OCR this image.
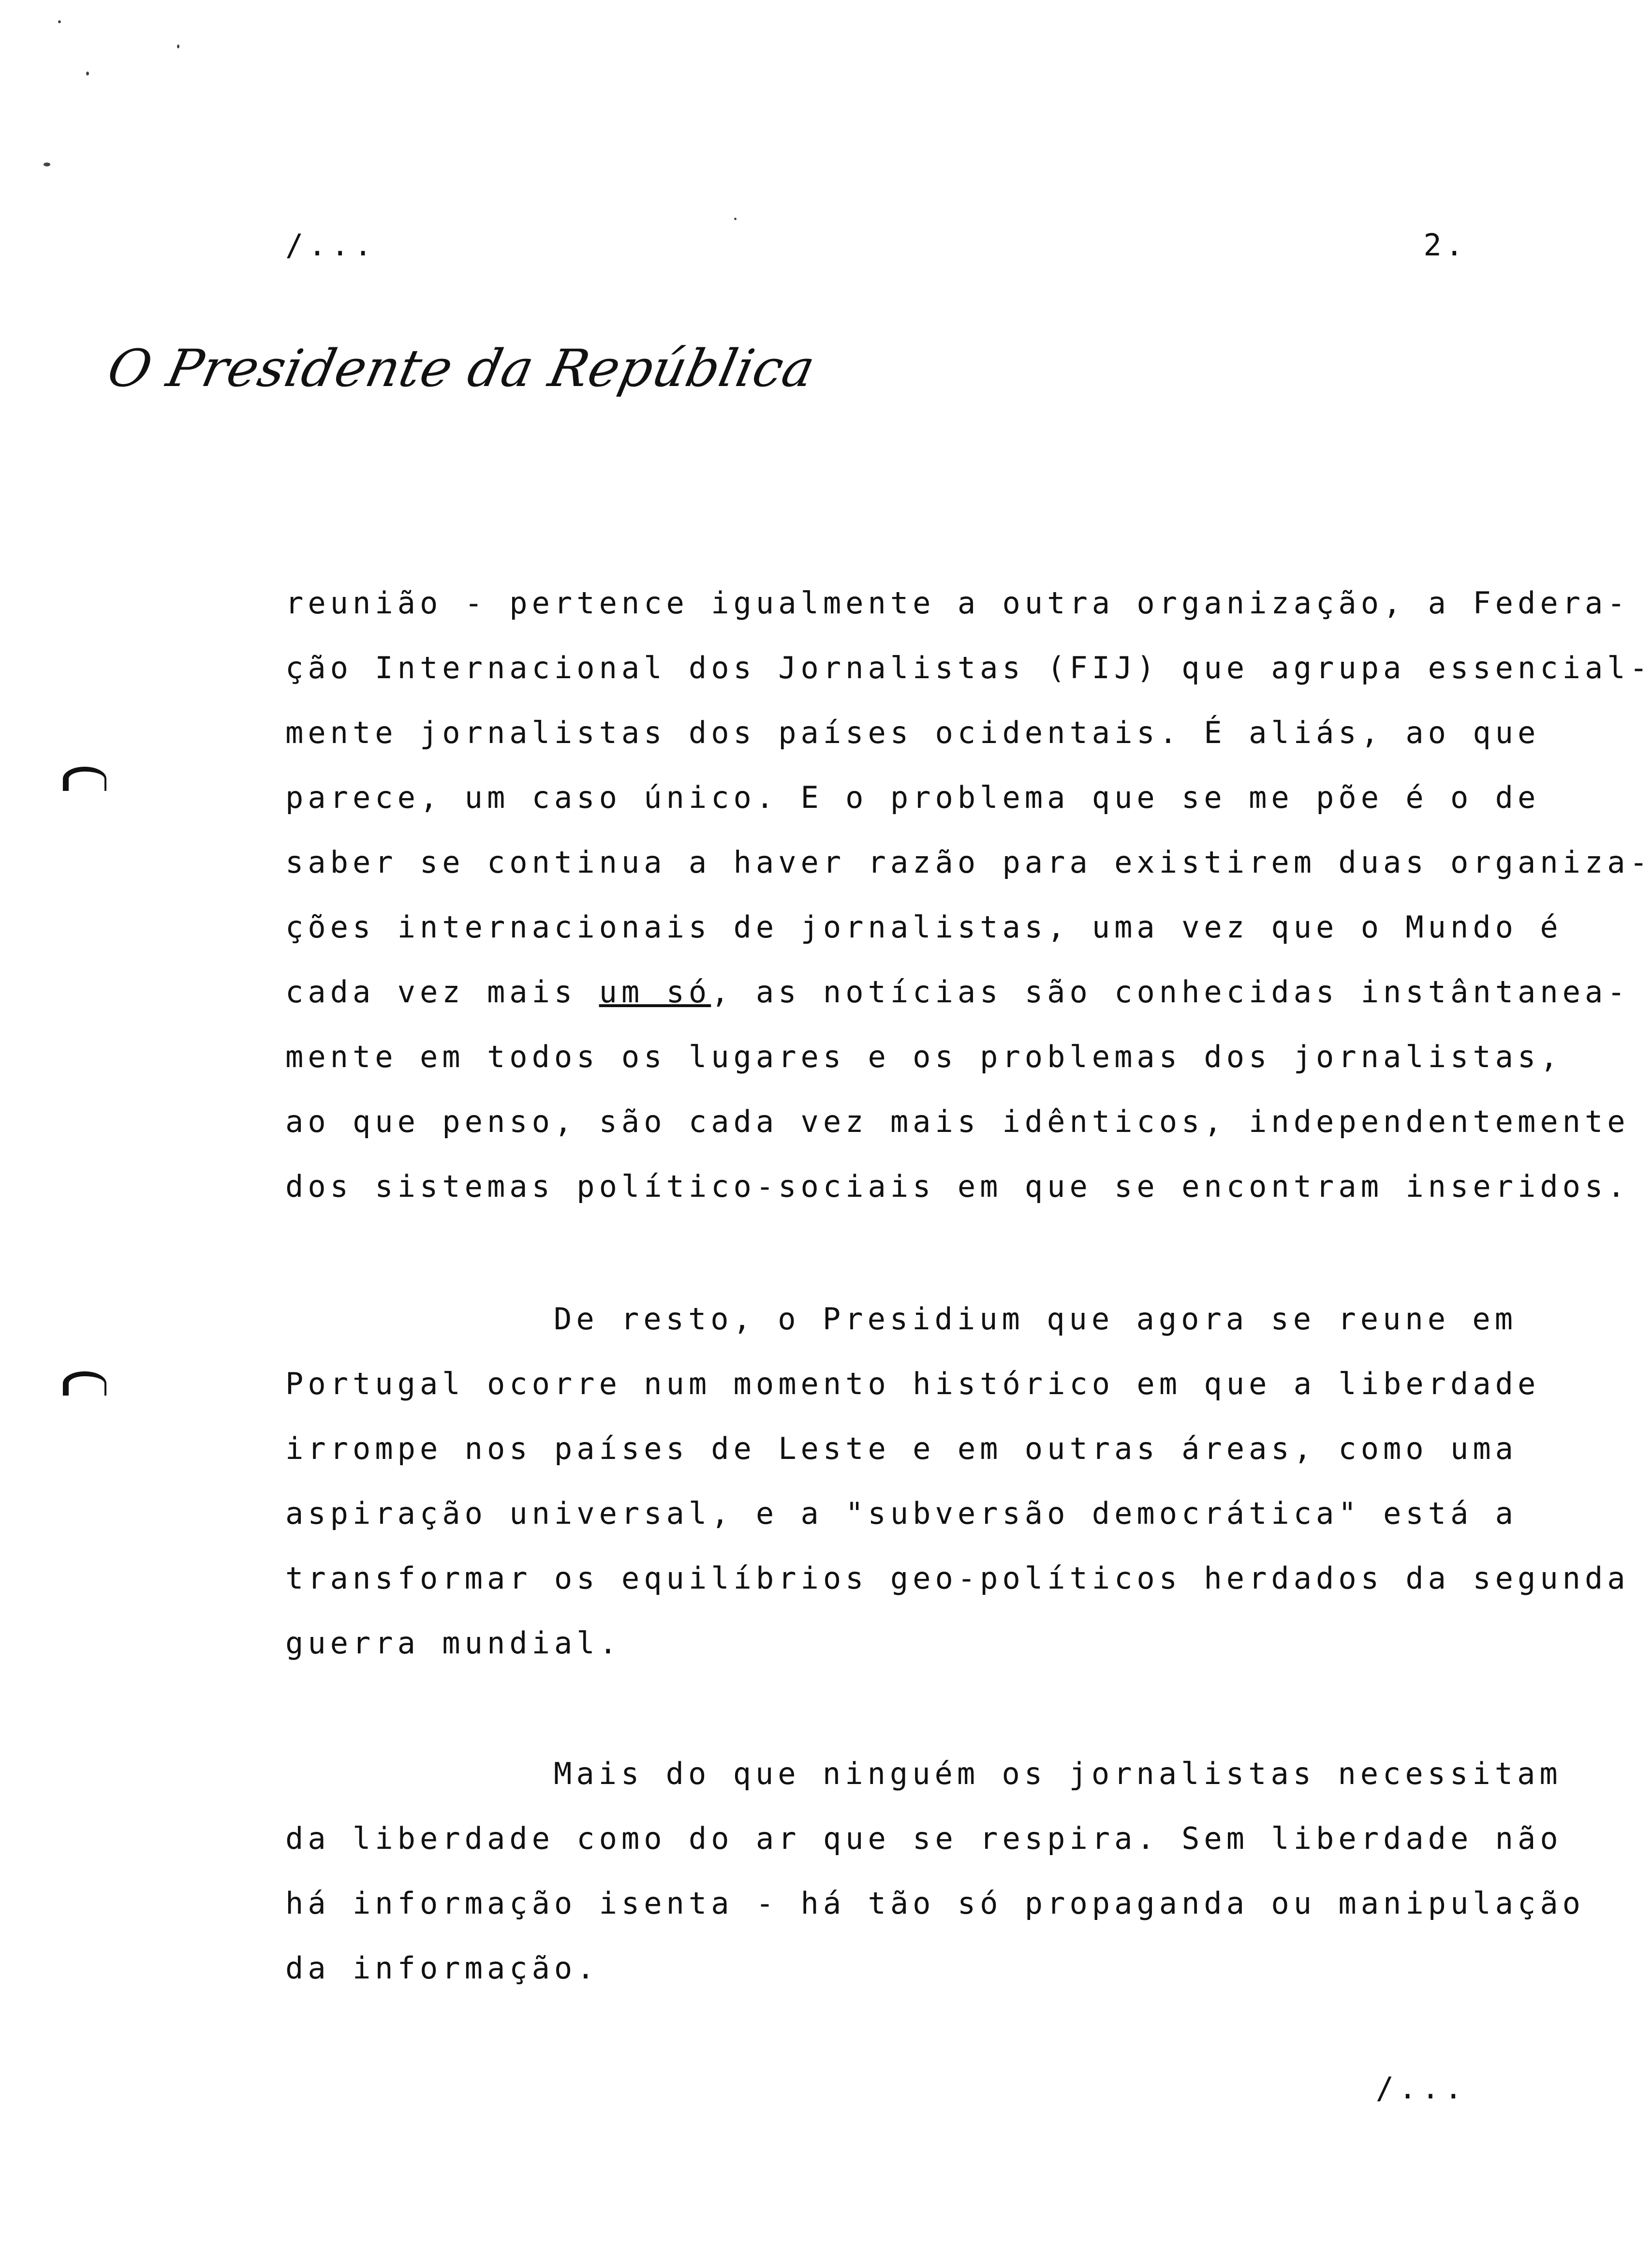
/...	2.
O Presidente da República
reunião - pertence igualmente a outra organização, a Federa-
ção Internacional dos Jornalistas (FIJ) que agrupa essencial-
mente jornalistas dos países ocidentais. É aliás, ao que
parece, um caso único. E o problema que se me põe é o de
saber se continua a haver razão para existirem duas organiza-
ções internacionais de jornalistas, uma vez que o Mundo é
cada vez mais um só, as notícias são conhecidas instântanea-
mente em todos os lugares e os problemas dos jornalistas,
ao que penso, são cada vez mais idênticos, independentemente
dos sistemas político-sociais em que se encontram inseridos.
De resto, o Presidium que agora se reune em
Portugal ocorre num momento histórico em que a liberdade
irrompe nos países de Leste e em outras áreas, como uma
aspiração universal, e a "subversão democrática" está a
transformar os equilíbrios geo-políticos herdados da segunda
guerra mundial.
Mais do que ninguém os jornalistas necessitam
da liberdade como do ar que se respira. Sem liberdade não
há informação isenta - há tão só propaganda ou manipulação
da informação.
/...
